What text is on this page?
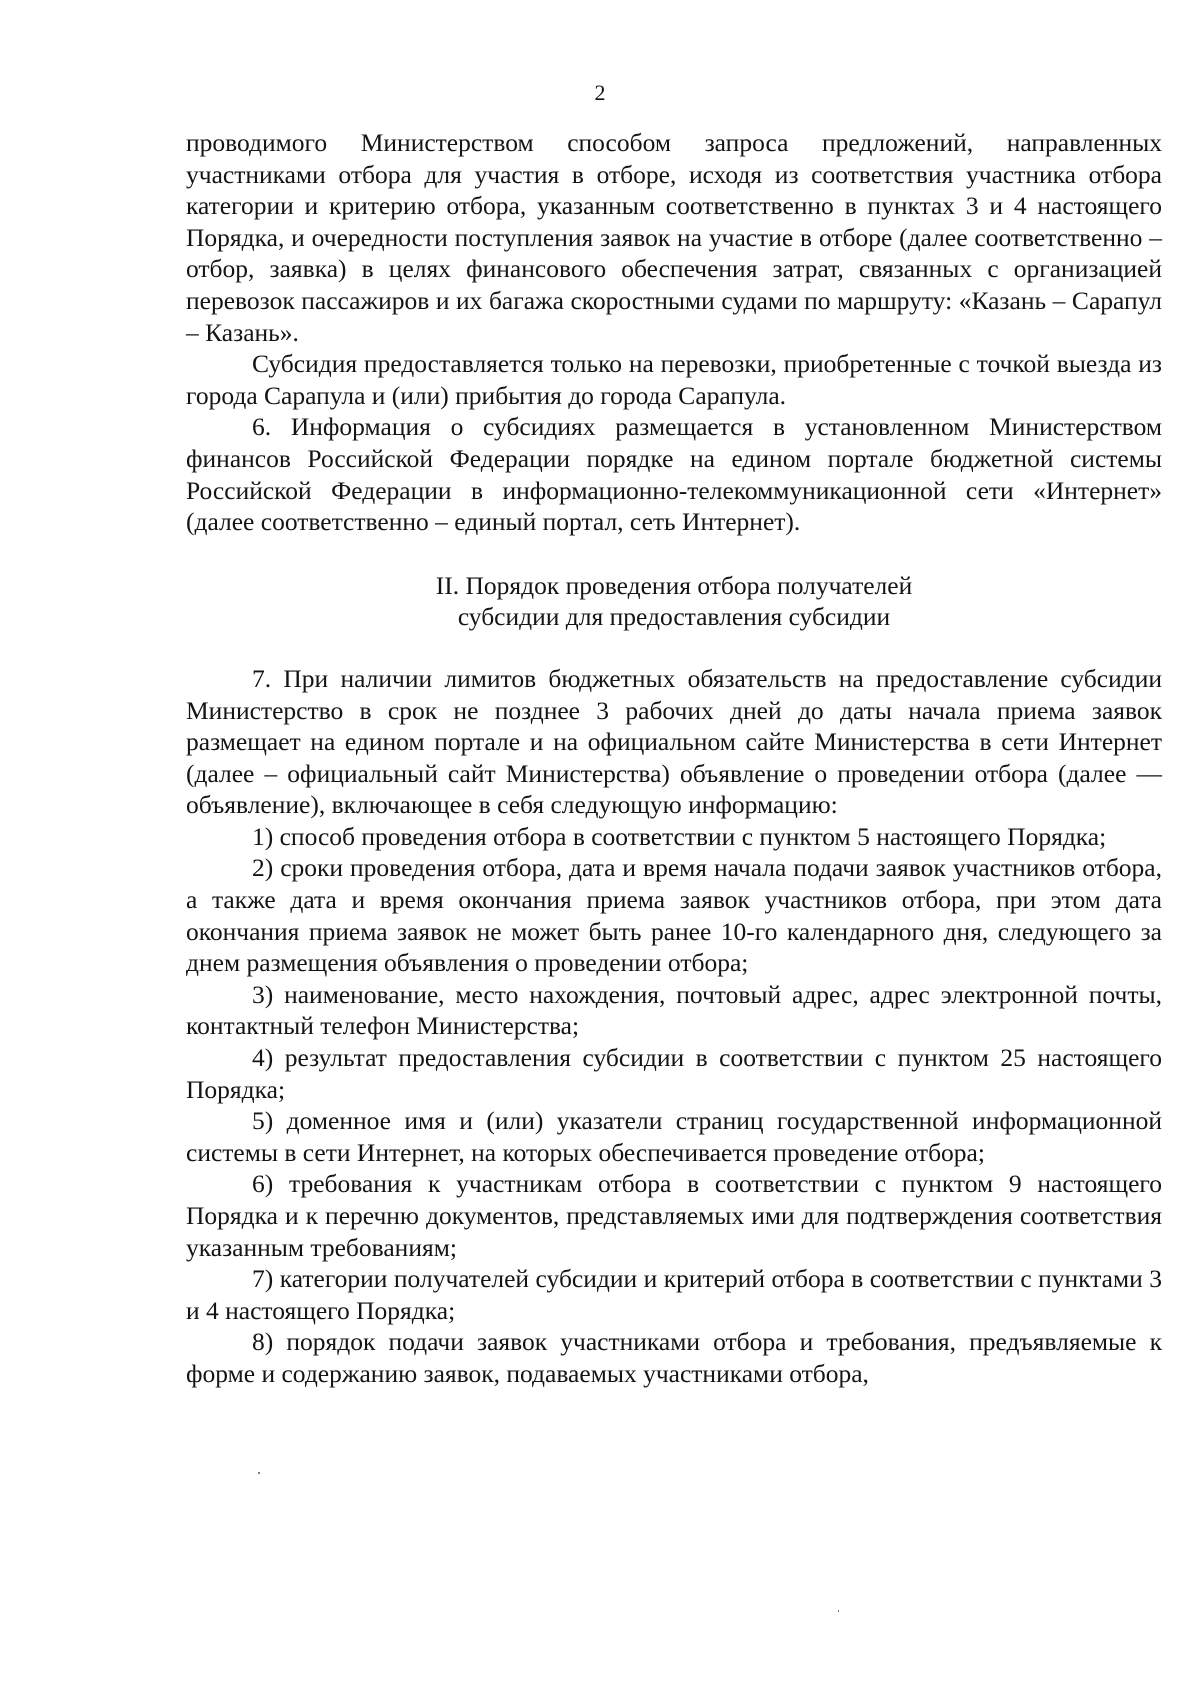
2

проводимого Министерством способом запроса предложений, направленных участниками отбора для участия в отборе, исходя из соответствия участника отбора категории и критерию отбора, указанным соответственно в пунктах 3 и 4 настоящего Порядка, и очередности поступления заявок на участие в отборе (далее соответственно – отбор, заявка) в целях финансового обеспечения затрат, связанных с организацией перевозок пассажиров и их багажа скоростными судами по маршруту: «Казань – Сарапул – Казань».

Субсидия предоставляется только на перевозки, приобретенные с точкой выезда из города Сарапула и (или) прибытия до города Сарапула.

6. Информация о субсидиях размещается в установленном Министерством финансов Российской Федерации порядке на едином портале бюджетной системы Российской Федерации в информационно-телекоммуникационной сети «Интернет» (далее соответственно – единый портал, сеть Интернет).

II. Порядок проведения отбора получателей
субсидии для предоставления субсидии

7. При наличии лимитов бюджетных обязательств на предоставление субсидии Министерство в срок не позднее 3 рабочих дней до даты начала приема заявок размещает на едином портале и на официальном сайте Министерства в сети Интернет (далее – официальный сайт Министерства) объявление о проведении отбора (далее — объявление), включающее в себя следующую информацию:

1) способ проведения отбора в соответствии с пунктом 5 настоящего Порядка;

2) сроки проведения отбора, дата и время начала подачи заявок участников отбора, а также дата и время окончания приема заявок участников отбора, при этом дата окончания приема заявок не может быть ранее 10-го календарного дня, следующего за днем размещения объявления о проведении отбора;

3) наименование, место нахождения, почтовый адрес, адрес электронной почты, контактный телефон Министерства;

4) результат предоставления субсидии в соответствии с пунктом 25 настоящего Порядка;

5) доменное имя и (или) указатели страниц государственной информационной системы в сети Интернет, на которых обеспечивается проведение отбора;

6) требования к участникам отбора в соответствии с пунктом 9 настоящего Порядка и к перечню документов, представляемых ими для подтверждения соответствия указанным требованиям;

7) категории получателей субсидии и критерий отбора в соответствии с пунктами 3 и 4 настоящего Порядка;

8) порядок подачи заявок участниками отбора и требования, предъявляемые к форме и содержанию заявок, подаваемых участниками отбора,
